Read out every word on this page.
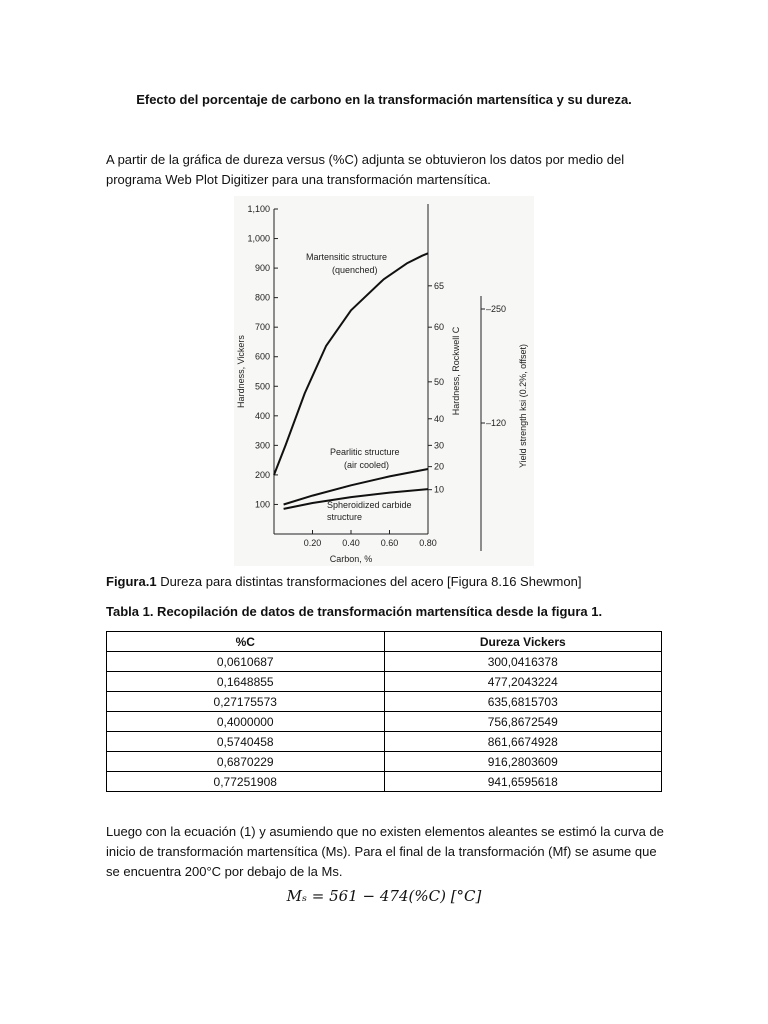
Efecto del porcentaje de carbono en la transformación martensítica y su dureza.
A partir de la gráfica de dureza versus (%C) adjunta se obtuvieron los datos por medio del programa Web Plot Digitizer para una transformación martensítica.
100
200
300
400
500
600
700
800
900
1,000
1,100
0.20 0.40 0.60 0.80
10
20
30
40
50
60
65
–120
–250
Carbon, %
Hardness, Vickers	Hardness, Rockwell C	Yield strength ksi (0.2%, offset)
Martensitic structure
(quenched)
Pearlitic structure
(air cooled)
Spheroidized carbide
structure
Figura.1 Dureza para distintas transformaciones del acero [Figura 8.16 Shewmon]
Tabla 1. Recopilación de datos de transformación martensítica desde la figura 1.
%C	Dureza Vickers
0,0610687	300,0416378
0,1648855	477,2043224
0,27175573	635,6815703
0,4000000	756,8672549
0,5740458	861,6674928
0,6870229	916,2803609
0,77251908	941,6595618
Luego con la ecuación (1) y asumiendo que no existen elementos aleantes se estimó la curva de inicio de transformación martensítica (Ms). Para el final de la transformación (Mf) se asume que se encuentra 200°C por debajo de la Ms.
Mₛ = 561 − 474(%C) [°C]
